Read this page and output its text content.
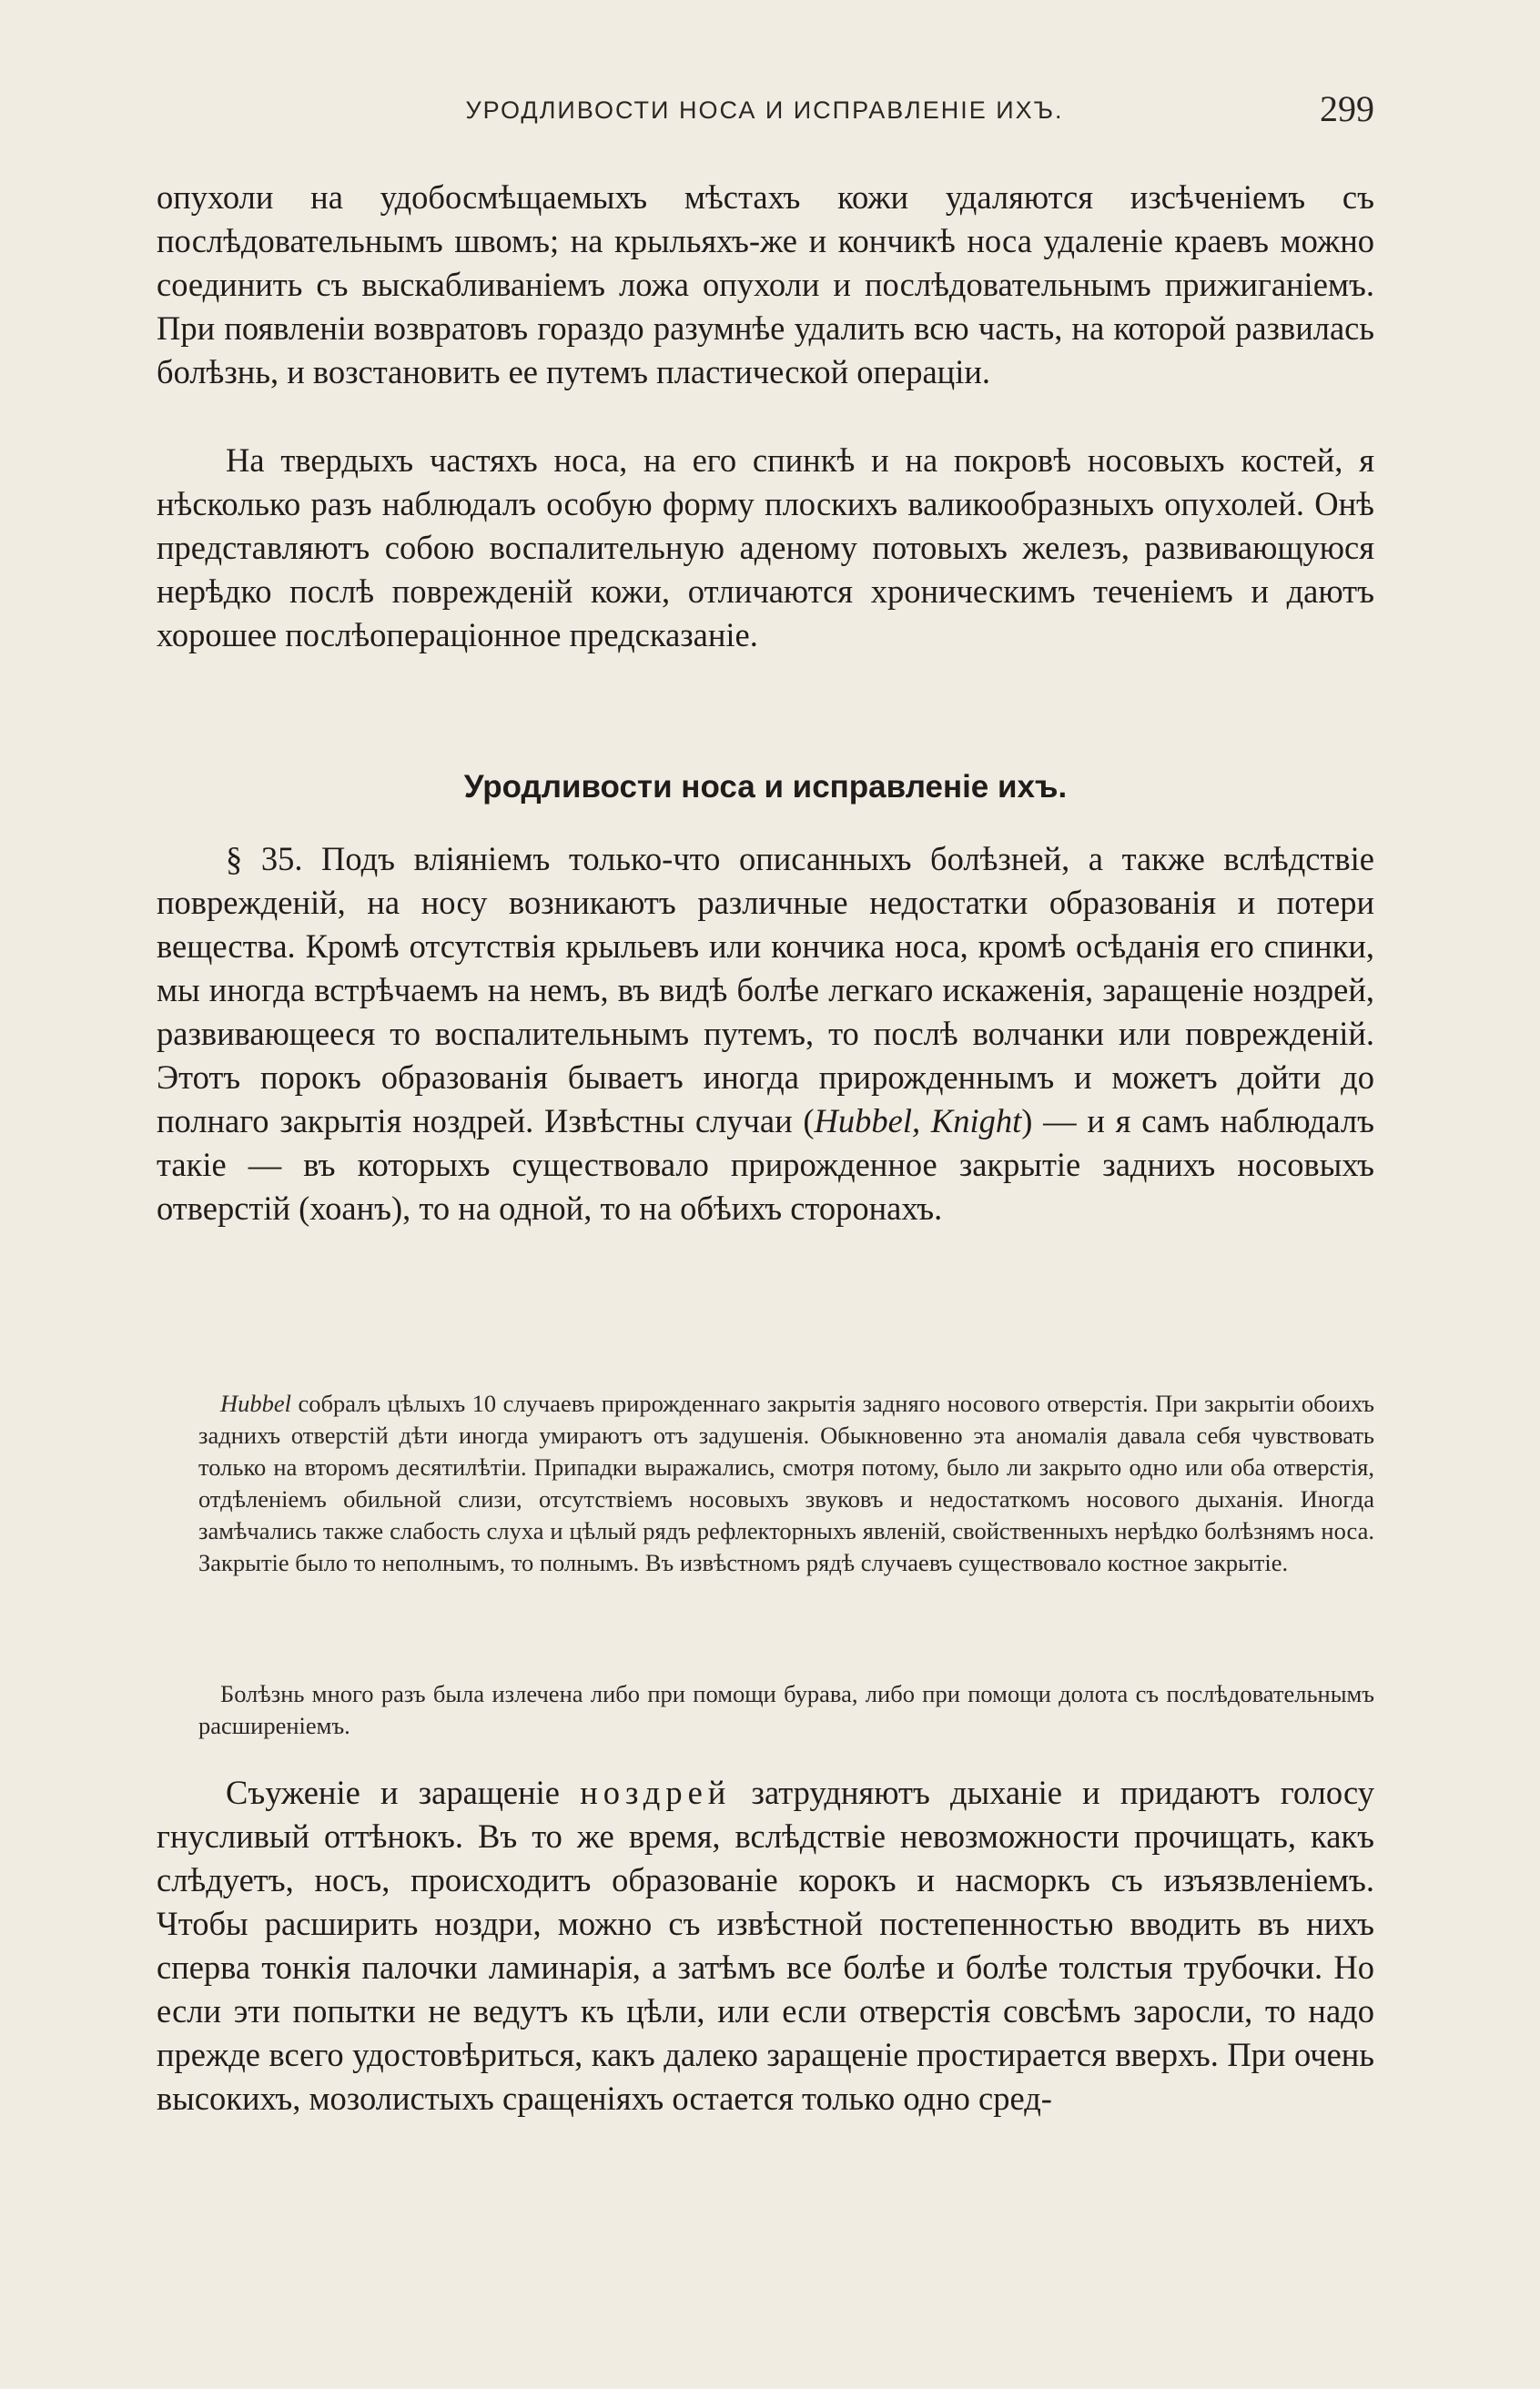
УРОДЛИВОСТИ НОСА И ИСПРАВЛЕНІЕ ИХЪ.	299

опухоли на удобосмѣщаемыхъ мѣстахъ кожи удаляются изсѣченіемъ съ послѣдовательнымъ швомъ; на крыльяхъ-же и кончикѣ носа удаленіе краевъ можно соединить съ выскабливаніемъ ложа опухоли и послѣдовательнымъ прижиганіемъ. При появленіи возвратовъ гораздо разумнѣе удалить всю часть, на которой развилась болѣзнь, и возстановить ее путемъ пластической операціи.

На твердыхъ частяхъ носа, на его спинкѣ и на покровѣ носовыхъ костей, я нѣсколько разъ наблюдалъ особую форму плоскихъ валикообразныхъ опухолей. Онѣ представляютъ собою воспалительную аденому потовыхъ железъ, развивающуюся нерѣдко послѣ поврежденій кожи, отличаются хроническимъ теченіемъ и даютъ хорошее послѣопераціонное предсказаніе.

Уродливости носа и исправленіе ихъ.

§ 35. Подъ вліяніемъ только-что описанныхъ болѣзней, а также вслѣдствіе поврежденій, на носу возникаютъ различные недостатки образованія и потери вещества. Кромѣ отсутствія крыльевъ или кончика носа, кромѣ осѣданія его спинки, мы иногда встрѣчаемъ на немъ, въ видѣ болѣе легкаго искаженія, заращеніе ноздрей, развивающееся то воспалительнымъ путемъ, то послѣ волчанки или поврежденій. Этотъ порокъ образованія бываетъ иногда прирожденнымъ и можетъ дойти до полнаго закрытія ноздрей. Извѣстны случаи (Hubbel, Knight) — и я самъ наблюдалъ такіе — въ которыхъ существовало прирожденное закрытіе заднихъ носовыхъ отверстій (хоанъ), то на одной, то на обѣихъ сторонахъ.

Hubbel собралъ цѣлыхъ 10 случаевъ прирожденнаго закрытія задняго носового отверстія. При закрытіи обоихъ заднихъ отверстій дѣти иногда умираютъ отъ задушенія. Обыкновенно эта аномалія давала себя чувствовать только на второмъ десятилѣтіи. Припадки выражались, смотря потому, было ли закрыто одно или оба отверстія, отдѣленіемъ обильной слизи, отсутствіемъ носовыхъ звуковъ и недостаткомъ носового дыханія. Иногда замѣчались также слабость слуха и цѣлый рядъ рефлекторныхъ явленій, свойственныхъ нерѣдко болѣзнямъ носа. Закрытіе было то неполнымъ, то полнымъ. Въ извѣстномъ рядѣ случаевъ существовало костное закрытіе.

Болѣзнь много разъ была излечена либо при помощи бурава, либо при помощи долота съ послѣдовательнымъ расширеніемъ.

Съуженіе и заращеніе ноздрей затрудняютъ дыханіе и придаютъ голосу гнусливый оттѣнокъ. Въ то же время, вслѣдствіе невозможности прочищать, какъ слѣдуетъ, носъ, происходитъ образованіе корокъ и насморкъ съ изъязвленіемъ. Чтобы расширить ноздри, можно съ извѣстной постепенностью вводить въ нихъ сперва тонкія палочки ламинарія, а затѣмъ все болѣе и болѣе толстыя трубочки. Но если эти попытки не ведутъ къ цѣли, или если отверстія совсѣмъ заросли, то надо прежде всего удостовѣриться, какъ далеко заращеніе простирается вверхъ. При очень высокихъ, мозолистыхъ сращеніяхъ остается только одно сред-
